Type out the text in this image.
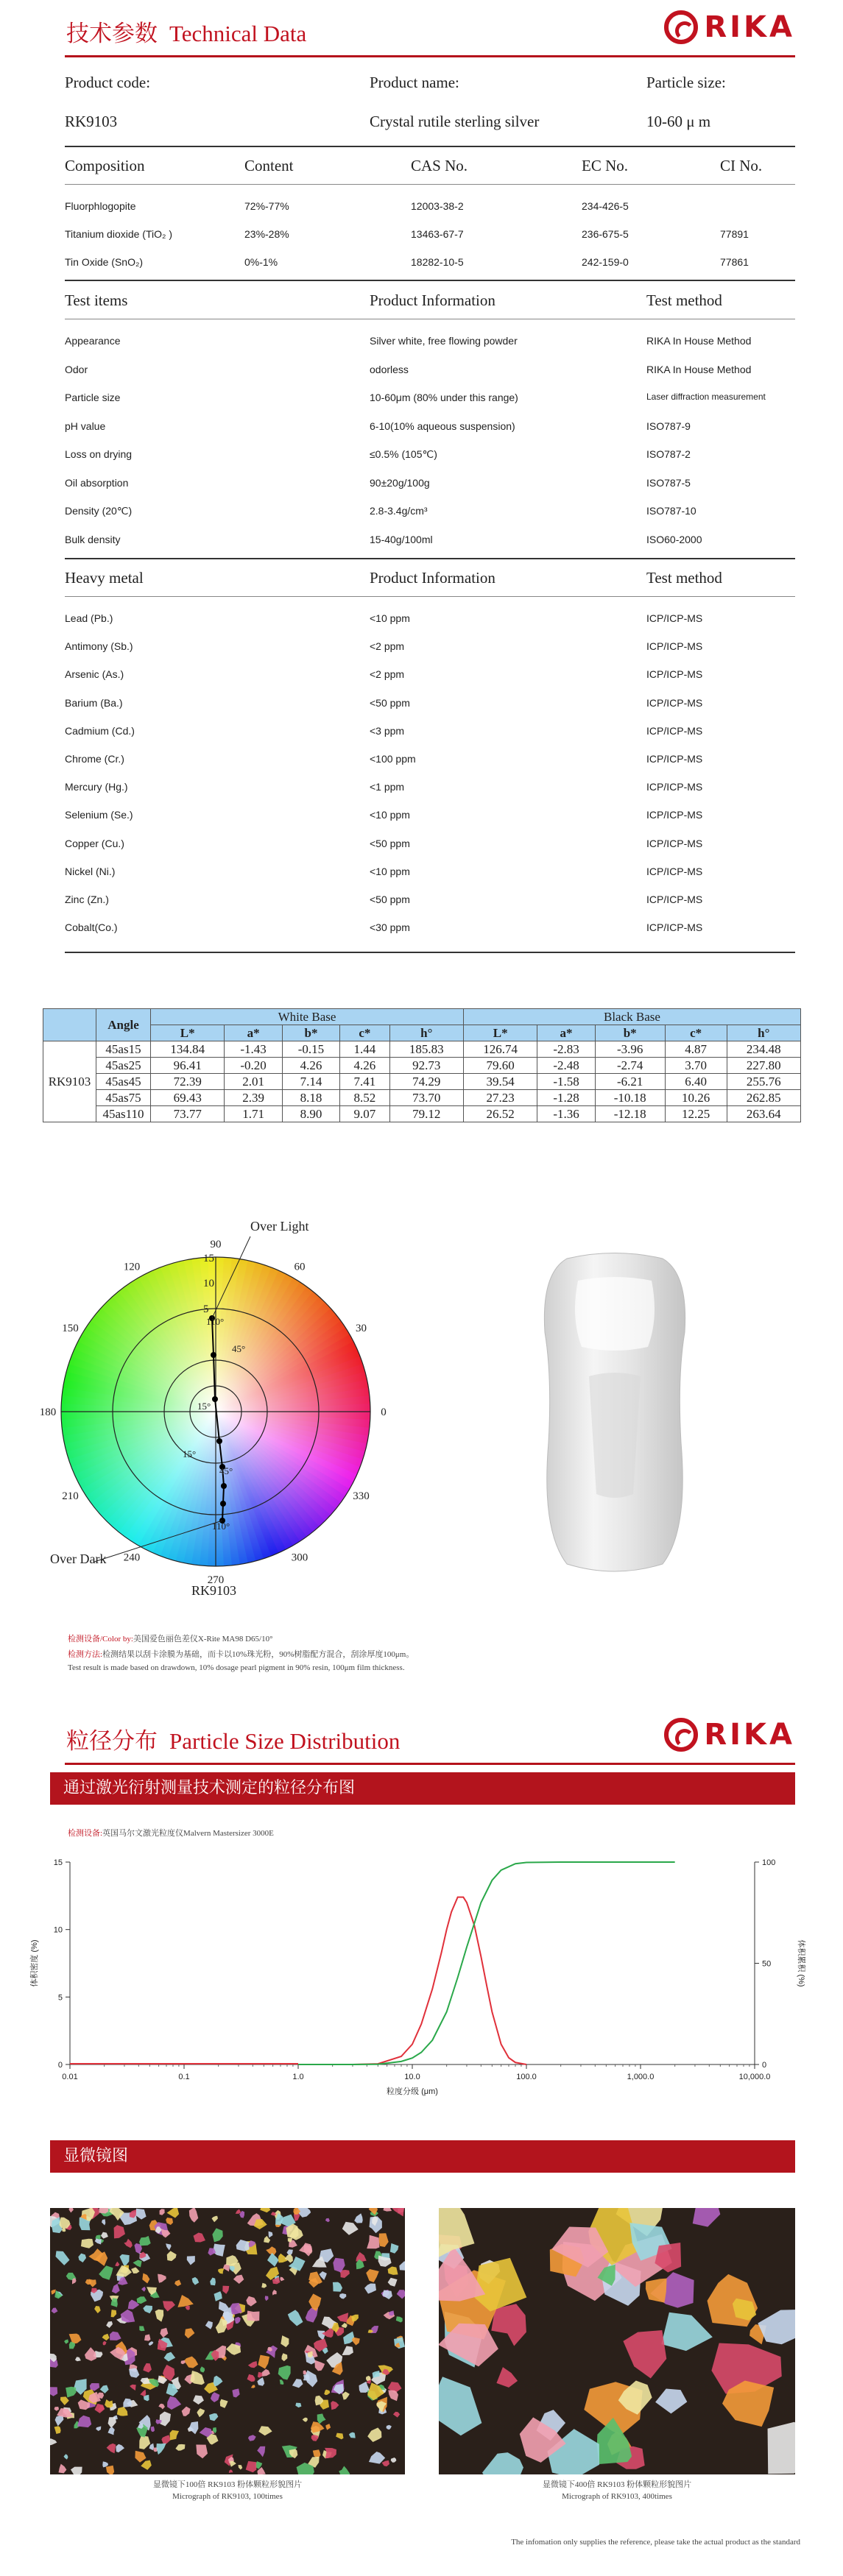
技术参数 Technical Data	RIKA
Product code:	Product name:	Particle size:
RK9103	Crystal rutile sterling silver	10-60 μ m
Composition	Content	CAS No.	EC No.	CI No.
Fluorphlogopite	72%-77%	12003-38-2	234-426-5
Titanium dioxide (TiO₂ )	23%-28%	13463-67-7	236-675-5	77891
Tin Oxide (SnO₂)	0%-1%	18282-10-5	242-159-0	77861
Test items	Product Information	Test method
Appearance	Silver white, free flowing powder	RIKA In House Method
Odor	odorless	RIKA In House Method
Particle size	10-60μm (80% under this range)	Laser diffraction measurement
pH value	6-10(10% aqueous suspension)	ISO787-9
Loss on drying	≤0.5% (105℃)	ISO787-2
Oil absorption	90±20g/100g	ISO787-5
Density (20℃)	2.8-3.4g/cm³	ISO787-10
Bulk density	15-40g/100ml	ISO60-2000
Heavy metal	Product Information	Test method
Lead (Pb.)	<10 ppm	ICP/ICP-MS
Antimony (Sb.)	<2 ppm	ICP/ICP-MS
Arsenic (As.)	<2 ppm	ICP/ICP-MS
Barium (Ba.)	<50 ppm	ICP/ICP-MS
Cadmium (Cd.)	<3 ppm	ICP/ICP-MS
Chrome (Cr.)	<100 ppm	ICP/ICP-MS
Mercury (Hg.)	<1 ppm	ICP/ICP-MS
Selenium (Se.)	<10 ppm	ICP/ICP-MS
Copper (Cu.)	<50 ppm	ICP/ICP-MS
Nickel (Ni.)	<10 ppm	ICP/ICP-MS
Zinc (Zn.)	<50 ppm	ICP/ICP-MS
Cobalt(Co.)	<30 ppm	ICP/ICP-MS
	Angle	White Base					Black Base				
		L*	a*	b*	c*	h°	L*	a*	b*	c*	h°
RK9103	45as15	134.84	-1.43	-0.15	1.44	185.83	126.74	-2.83	-3.96	4.87	234.48
	45as25	96.41	-0.20	4.26	4.26	92.73	79.60	-2.48	-2.74	3.70	227.80
	45as45	72.39	2.01	7.14	7.41	74.29	39.54	-1.58	-6.21	6.40	255.76
	45as75	69.43	2.39	8.18	8.52	73.70	27.23	-1.28	-10.18	10.26	262.85
	45as110	73.77	1.71	8.90	9.07	79.12	26.52	-1.36	-12.18	12.25	263.64
90
60
30
0
330
300
270
240
210
180
150
120
15
10
5
Over Light
Over Dark
RK9103
110°
45°
15°
15°
45°
110°
检测设备/Color by:美国爱色丽色差仪X-Rite MA98 D65/10°
检测方法:检测结果以刮卡涂膜为基础，而卡以10%珠光粉，90%树脂配方混合，刮涂厚度100μm。
Test result is made based on drawdown, 10% dosage pearl pigment in 90% resin, 100μm film thickness.
粒径分布 Particle Size Distribution	RIKA
通过激光衍射测量技术测定的粒径分布图
检测设备:英国马尔文激光粒度仪Malvern Mastersizer 3000E
0.01	0.1	1.0	10.0	100.0	1,000.0	10,000.0
0
5
10
15
0
50
100
粒度分级 (μm)
体积密度 (%)	体积累积 (%)
显微镜图
显微镜下100倍 RK9103 粉体颗粒形貌图片
Micrograph of RK9103, 100times
显微镜下400倍 RK9103 粉体颗粒形貌图片
Micrograph of RK9103, 400times
The infomation only supplies the reference, please take the actual product as the standard
